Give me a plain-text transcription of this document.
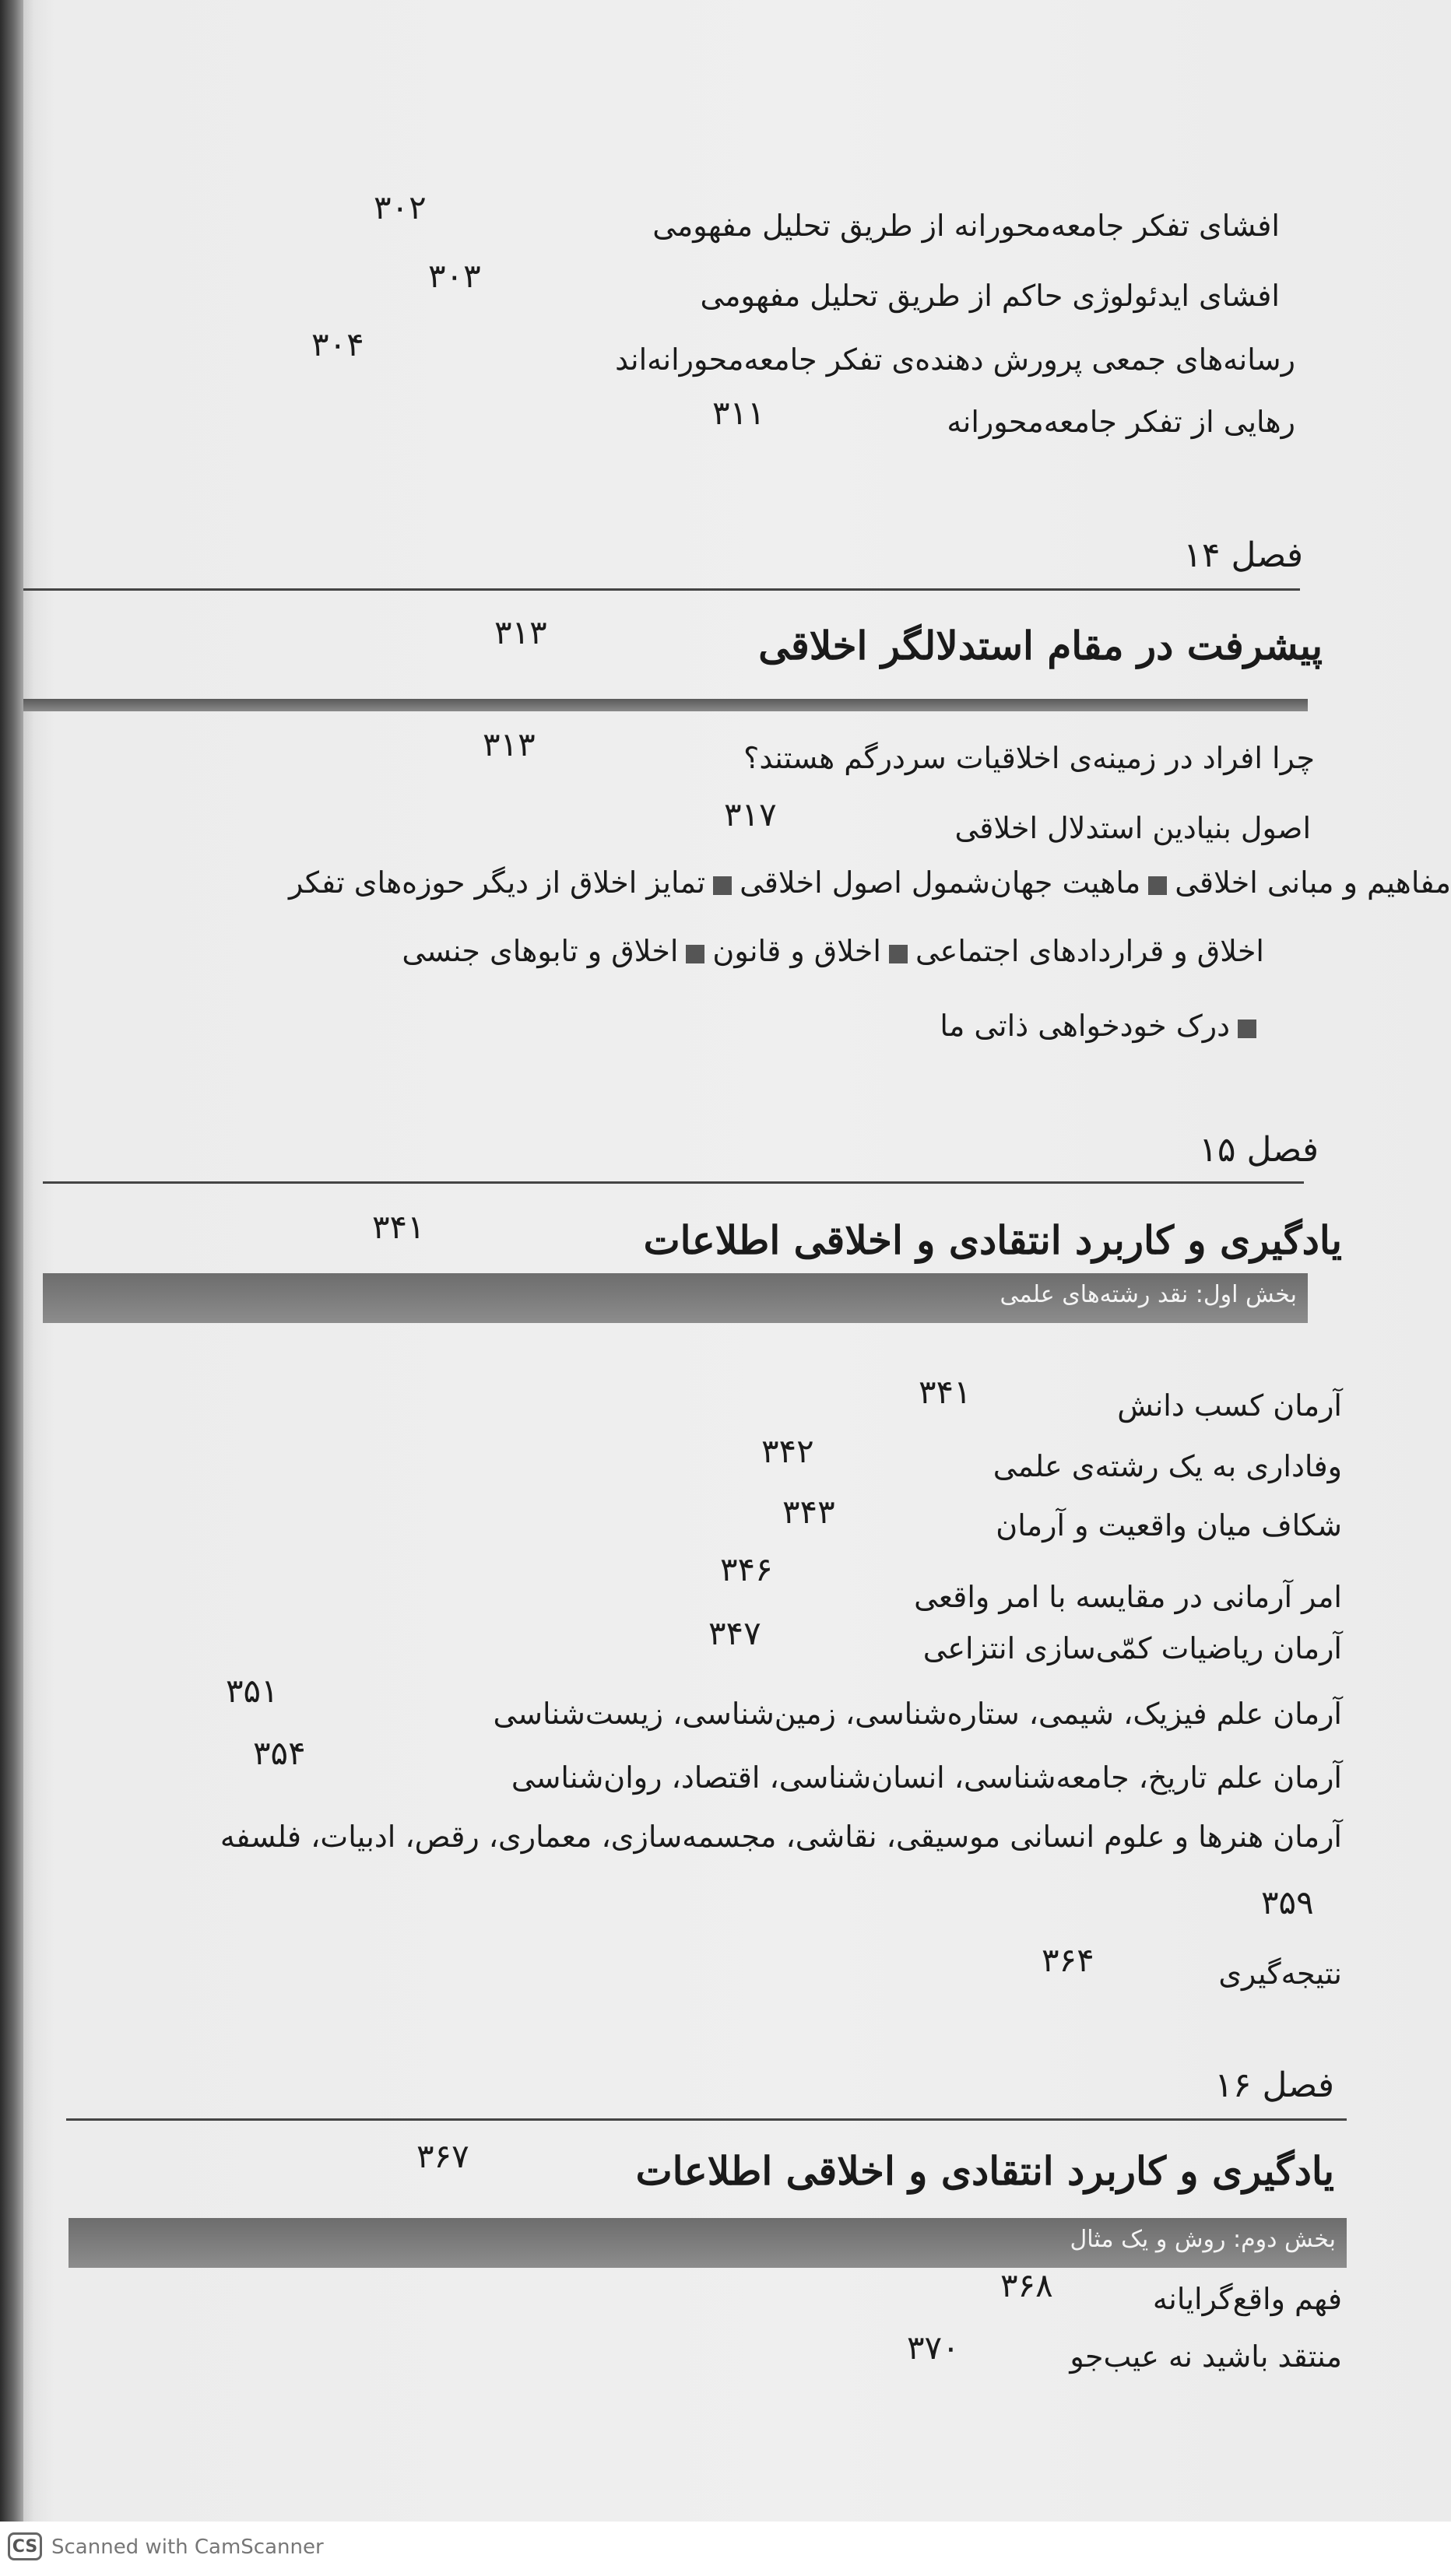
افشای تفکر جامعه‌محورانه از طریق تحلیل مفهومی
۳۰۲
افشای ایدئولوژی حاکم از طریق تحلیل مفهومی
۳۰۳
رسانه‌های جمعی پرورش دهنده‌ی تفکر جامعه‌محورانه‌اند
۳۰۴
رهایی از تفکر جامعه‌محورانه
۳۱۱
فصل ۱۴
پیشرفت در مقام استدلالگر اخلاقی
۳۱۳
چرا افراد در زمینه‌ی اخلاقیات سردرگم هستند؟
۳۱۳
اصول بنیادین استدلال اخلاقی
۳۱۷
مفاهیم و مبانی اخلاقیماهیت جهان‌شمول اصول اخلاقیتمایز اخلاق از دیگر حوزه‌های تفکر
اخلاق و قراردادهای اجتماعیاخلاق و قانوناخلاق و تابوهای جنسی
درک خودخواهی ذاتی ما
فصل ۱۵
یادگیری و کاربرد انتقادی و اخلاقی اطلاعات
۳۴۱
بخش اول: نقد رشته‌های علمی
آرمان کسب دانش
۳۴۱
وفاداری به یک رشته‌ی علمی
۳۴۲
شکاف میان واقعیت و آرمان
۳۴۳
امر آرمانی در مقایسه با امر واقعی
۳۴۶
آرمان ریاضیات کمّی‌سازی انتزاعی
۳۴۷
آرمان علم فیزیک، شیمی، ستاره‌شناسی، زمین‌شناسی، زیست‌شناسی
۳۵۱
آرمان علم تاریخ، جامعه‌شناسی، انسان‌شناسی، اقتصاد، روان‌شناسی
۳۵۴
آرمان هنرها و علوم انسانی موسیقی، نقاشی، مجسمه‌سازی، معماری، رقص، ادبیات، فلسفه
۳۵۹
نتیجه‌گیری
۳۶۴
فصل ۱۶
یادگیری و کاربرد انتقادی و اخلاقی اطلاعات
۳۶۷
بخش دوم: روش و یک مثال
فهم واقع‌گرایانه
۳۶۸
منتقد باشید نه عیب‌جو
۳۷۰
CS Scanned with CamScanner
